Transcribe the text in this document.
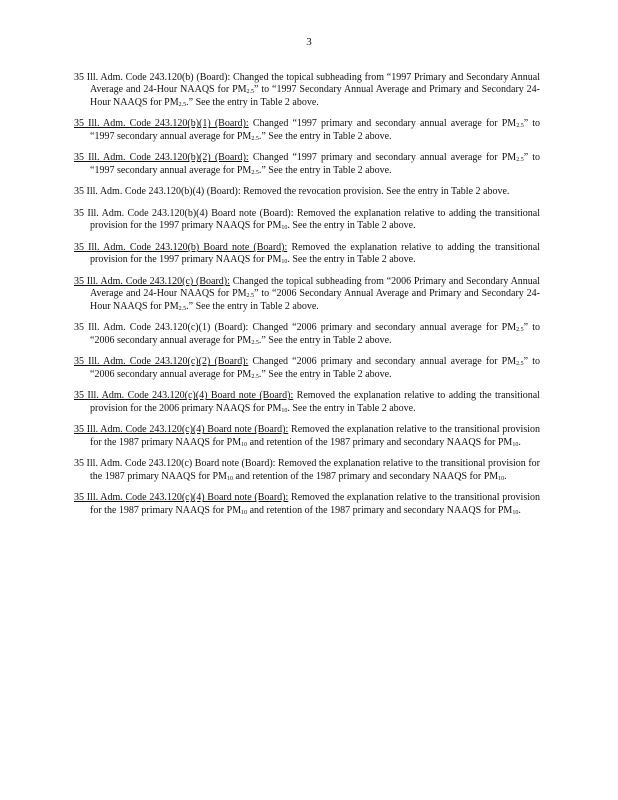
3

35 Ill. Adm. Code 243.120(b) (Board): Changed the topical subheading from “1997 Primary and Secondary Annual Average and 24-Hour NAAQS for $PM_{2.5}$” to “1997 Secondary Annual Average and Primary and Secondary 24-Hour NAAQS for $PM_{2.5}$.” See the entry in Table 2 above.

35 Ill. Adm. Code 243.120(b)(1) (Board): Changed “1997 primary and secondary annual average for $PM_{2.5}$” to “1997 secondary annual average for $PM_{2.5}$.” See the entry in Table 2 above.

35 Ill. Adm. Code 243.120(b)(2) (Board): Changed “1997 primary and secondary annual average for $PM_{2.5}$” to “1997 secondary annual average for $PM_{2.5}$.” See the entry in Table 2 above.

35 Ill. Adm. Code 243.120(b)(4) (Board): Removed the revocation provision. See the entry in Table 2 above.

35 Ill. Adm. Code 243.120(b)(4) Board note (Board): Removed the explanation relative to adding the transitional provision for the 1997 primary NAAQS for $PM_{10}$. See the entry in Table 2 above.

35 Ill. Adm. Code 243.120(b) Board note (Board): Removed the explanation relative to adding the transitional provision for the 1997 primary NAAQS for $PM_{10}$. See the entry in Table 2 above.

35 Ill. Adm. Code 243.120(c) (Board): Changed the topical subheading from “2006 Primary and Secondary Annual Average and 24-Hour NAAQS for $PM_{2.5}$” to “2006 Secondary Annual Average and Primary and Secondary 24-Hour NAAQS for $PM_{2.5}$.” See the entry in Table 2 above.

35 Ill. Adm. Code 243.120(c)(1) (Board): Changed “2006 primary and secondary annual average for $PM_{2.5}$” to “2006 secondary annual average for $PM_{2.5}$.” See the entry in Table 2 above.

35 Ill. Adm. Code 243.120(c)(2) (Board): Changed “2006 primary and secondary annual average for $PM_{2.5}$” to “2006 secondary annual average for $PM_{2.5}$.” See the entry in Table 2 above.

35 Ill. Adm. Code 243.120(c)(4) Board note (Board): Removed the explanation relative to adding the transitional provision for the 2006 primary NAAQS for $PM_{10}$. See the entry in Table 2 above.

35 Ill. Adm. Code 243.120(c)(4) Board note (Board): Removed the explanation relative to the transitional provision for the 1987 primary NAAQS for $PM_{10}$ and retention of the 1987 primary and secondary NAAQS for $PM_{10}$.

35 Ill. Adm. Code 243.120(c) Board note (Board): Removed the explanation relative to the transitional provision for the 1987 primary NAAQS for $PM_{10}$ and retention of the 1987 primary and secondary NAAQS for $PM_{10}$.

35 Ill. Adm. Code 243.120(c)(4) Board note (Board): Removed the explanation relative to the transitional provision for the 1987 primary NAAQS for $PM_{10}$ and retention of the 1987 primary and secondary NAAQS for $PM_{10}$.
